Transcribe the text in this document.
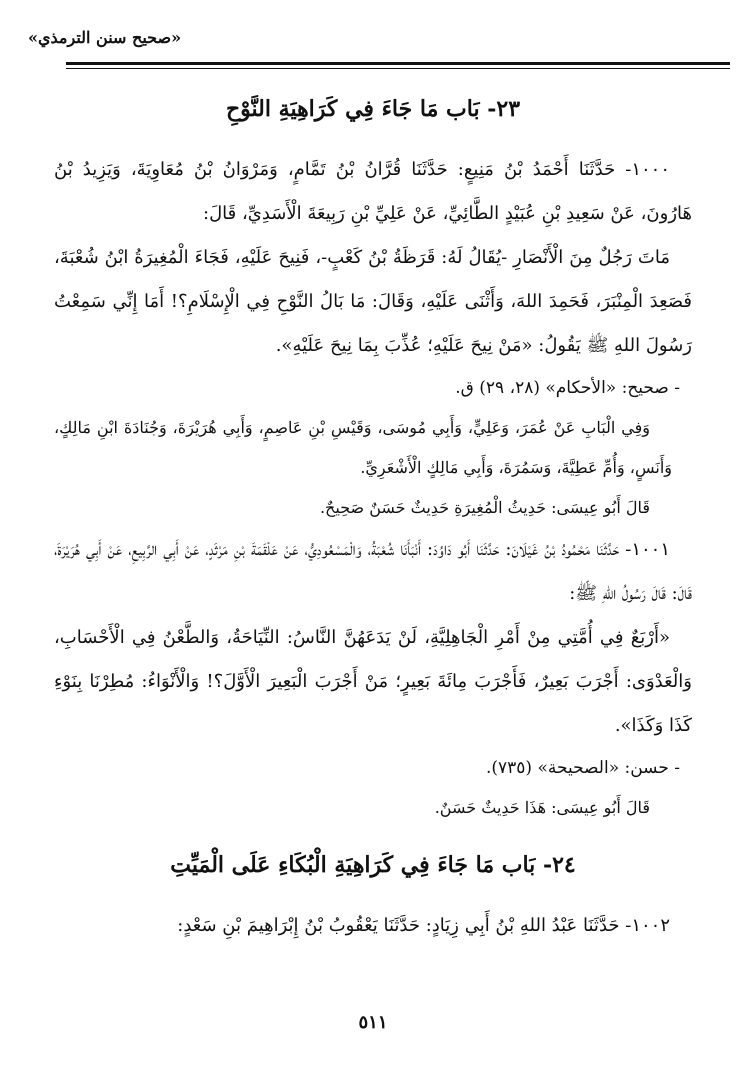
«صحيح سنن الترمذي»
٢٣- بَاب مَا جَاءَ فِي كَرَاهِيَةِ النَّوْحِ

١٠٠٠- حَدَّثَنَا أَحْمَدُ بْنُ مَنِيعٍ: حَدَّثَنَا قُرَّانُ بْنُ تَمَّامٍ، وَمَرْوَانُ بْنُ مُعَاوِيَةَ، وَيَزِيدُ بْنُ هَارُونَ، عَنْ سَعِيدِ بْنِ عُبَيْدٍ الطَّائِيِّ، عَنْ عَلِيِّ بْنِ رَبِيعَةَ الْأَسَدِيِّ، قَالَ:

مَاتَ رَجُلٌ مِنَ الْأَنْصَارِ -يُقَالُ لَهُ: قَرَظَةُ بْنُ كَعْبٍ-، فَنِيحَ عَلَيْهِ، فَجَاءَ الْمُغِيرَةُ ابْنُ شُعْبَةَ، فَصَعِدَ الْمِنْبَرَ، فَحَمِدَ اللهَ، وَأَثْنَى عَلَيْهِ، وَقَالَ: مَا بَالُ النَّوْحِ فِي الْإِسْلَامِ؟! أَمَا إِنِّي سَمِعْتُ رَسُولَ اللهِ ﷺ يَقُولُ: «مَنْ نِيحَ عَلَيْهِ؛ عُذِّبَ بِمَا نِيحَ عَلَيْهِ».

- صحيح: «الأحكام» (٢٨، ٢٩) ق.

وَفِي الْبَابِ عَنْ عُمَرَ، وَعَلِيٍّ، وَأَبِي مُوسَى، وَقَيْسِ بْنِ عَاصِمٍ، وَأَبِي هُرَيْرَةَ، وَجُنَادَةَ ابْنِ مَالِكٍ، وَأَنَسٍ، وَأُمِّ عَطِيَّةَ، وَسَمُرَةَ، وَأَبِي مَالِكٍ الْأَشْعَرِيِّ.

قَالَ أَبُو عِيسَى: حَدِيثُ الْمُغِيرَةِ حَدِيثٌ حَسَنٌ صَحِيحٌ.

١٠٠١- حَدَّثَنَا مَحْمُودُ بْنُ غَيْلَانَ: حَدَّثَنَا أَبُو دَاوُدَ: أَنْبَأَنَا شُعْبَةُ، وَالْمَسْعُودِيُّ، عَنْ عَلْقَمَةَ بْنِ مَرْثَدٍ، عَنْ أَبِي الرَّبِيعِ، عَنْ أَبِي هُرَيْرَةَ، قَالَ: قَالَ رَسُولُ اللهِ ﷺ:

«أَرْبَعٌ فِي أُمَّتِي مِنْ أَمْرِ الْجَاهِلِيَّةِ، لَنْ يَدَعَهُنَّ النَّاسُ: النِّيَاحَةُ، وَالطَّعْنُ فِي الْأَحْسَابِ، وَالْعَدْوَى: أَجْرَبَ بَعِيرٌ، فَأَجْرَبَ مِائَةَ بَعِيرٍ؛ مَنْ أَجْرَبَ الْبَعِيرَ الْأَوَّلَ؟! وَالْأَنْوَاءُ: مُطِرْنَا بِنَوْءِ كَذَا وَكَذَا».

- حسن: «الصحيحة» (٧٣٥).

قَالَ أَبُو عِيسَى: هَذَا حَدِيثٌ حَسَنٌ.

٢٤- بَاب مَا جَاءَ فِي كَرَاهِيَةِ الْبُكَاءِ عَلَى الْمَيِّتِ

١٠٠٢- حَدَّثَنَا عَبْدُ اللهِ بْنُ أَبِي زِيَادٍ: حَدَّثَنَا يَعْقُوبُ بْنُ إِبْرَاهِيمَ بْنِ سَعْدٍ:

٥١١
